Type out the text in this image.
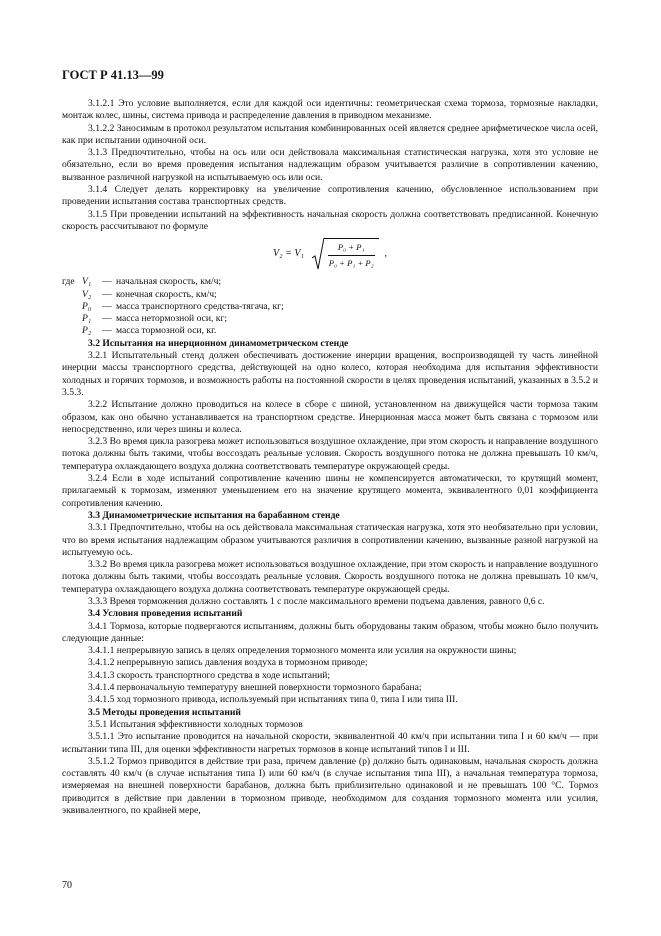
ГОСТ Р 41.13—99

3.1.2.1 Это условие выполняется, если для каждой оси идентичны: геометрическая схема тормоза, тормозные накладки, монтаж колес, шины, система привода и распределение давления в приводном механизме.

3.1.2.2 Заносимым в протокол результатом испытания комбинированных осей является среднее арифметическое числа осей, как при испытании одиночной оси.

3.1.3 Предпочтительно, чтобы на ось или оси действовала максимальная статистическая нагрузка, хотя это условие не обязательно, если во время проведения испытания надлежащим образом учитывается различие в сопротивлении качению, вызванное различной нагрузкой на испытываемую ось или оси.

3.1.4 Следует делать корректировку на увеличение сопротивления качению, обусловленное использованием при проведении испытания состава транспортных средств.

3.1.5 При проведении испытаний на эффективность начальная скорость должна соответствовать предписанной. Конечную скорость рассчитывают по формуле

$V_2 = V_1 \frac{\text{P₀ + P₁}}{\text{P₀ + P₁ + P₂}}$ ,
где V₁	— начальная скорость, км/ч;
V₂	— конечная скорость, км/ч;
P₀	— масса транспортного средства-тягача, кг;
P₁	— масса нетормозной оси, кг;
P₂	— масса тормозной оси, кг.
3.2 Испытания на инерционном динамометрическом стенде

3.2.1 Испытательный стенд должен обеспечивать достижение инерции вращения, воспроизводящей ту часть линейной инерции массы транспортного средства, действующей на одно колесо, которая необходима для испытания эффективности холодных и горячих тормозов, и возможность работы на постоянной скорости в целях проведения испытаний, указанных в 3.5.2 и 3.5.3.

3.2.2 Испытание должно проводиться на колесе в сборе с шиной, установленном на движущейся части тормоза таким образом, как оно обычно устанавливается на транспортном средстве. Инерционная масса может быть связана с тормозом или непосредственно, или через шины и колеса.

3.2.3 Во время цикла разогрева может использоваться воздушное охлаждение, при этом скорость и направление воздушного потока должны быть такими, чтобы воссоздать реальные условия. Скорость воздушного потока не должна превышать 10 км/ч, температура охлаждающего воздуха должна соответствовать температуре окружающей среды.

3.2.4 Если в ходе испытаний сопротивление качению шины не компенсируется автоматически, то крутящий момент, прилагаемый к тормозам, изменяют уменьшением его на значение крутящего момента, эквивалентного 0,01 коэффициента сопротивления качению.

3.3 Динамометрические испытания на барабанном стенде

3.3.1 Предпочтительно, чтобы на ось действовала максимальная статическая нагрузка, хотя это необязательно при условии, что во время испытания надлежащим образом учитываются различия в сопротивлении качению, вызванные разной нагрузкой на испытуемую ось.

3.3.2 Во время цикла разогрева может использоваться воздушное охлаждение, при этом скорость и направление воздушного потока должны быть такими, чтобы воссоздать реальные условия. Скорость воздушного потока не должна превышать 10 км/ч, температура охлаждающего воздуха должна соответствовать температуре окружающей среды.

3.3.3 Время торможения должно составлять 1 с после максимального времени подъема давления, равного 0,6 с.

3.4 Условия проведения испытаний

3.4.1 Тормоза, которые подвергаются испытаниям, должны быть оборудованы таким образом, чтобы можно было получить следующие данные:

3.4.1.1 непрерывную запись в целях определения тормозного момента или усилия на окружности шины;

3.4.1.2 непрерывную запись давления воздуха в тормозном приводе;

3.4.1.3 скорость транспортного средства в ходе испытаний;

3.4.1.4 первоначальную температуру внешней поверхности тормозного барабана;

3.4.1.5 ход тормозного привода, используемый при испытаниях типа 0, типа I или типа III.

3.5 Методы проведения испытаний

3.5.1 Испытания эффективности холодных тормозов

3.5.1.1 Это испытание проводится на начальной скорости, эквивалентной 40 км/ч при испытании типа I и 60 км/ч — при испытании типа III, для оценки эффективности нагретых тормозов в конце испытаний типов I и III.

3.5.1.2 Тормоз приводится в действие три раза, причем давление (p) должно быть одинаковым, начальная скорость должна составлять 40 км/ч (в случае испытания типа I) или 60 км/ч (в случае испытания типа III), а начальная температура тормоза, измеряемая на внешней поверхности барабанов, должна быть приблизительно одинаковой и не превышать 100 °С. Тормоз приводится в действие при давлении в тормозном приводе, необходимом для создания тормозного момента или усилия, эквивалентного, по крайней мере,

70
